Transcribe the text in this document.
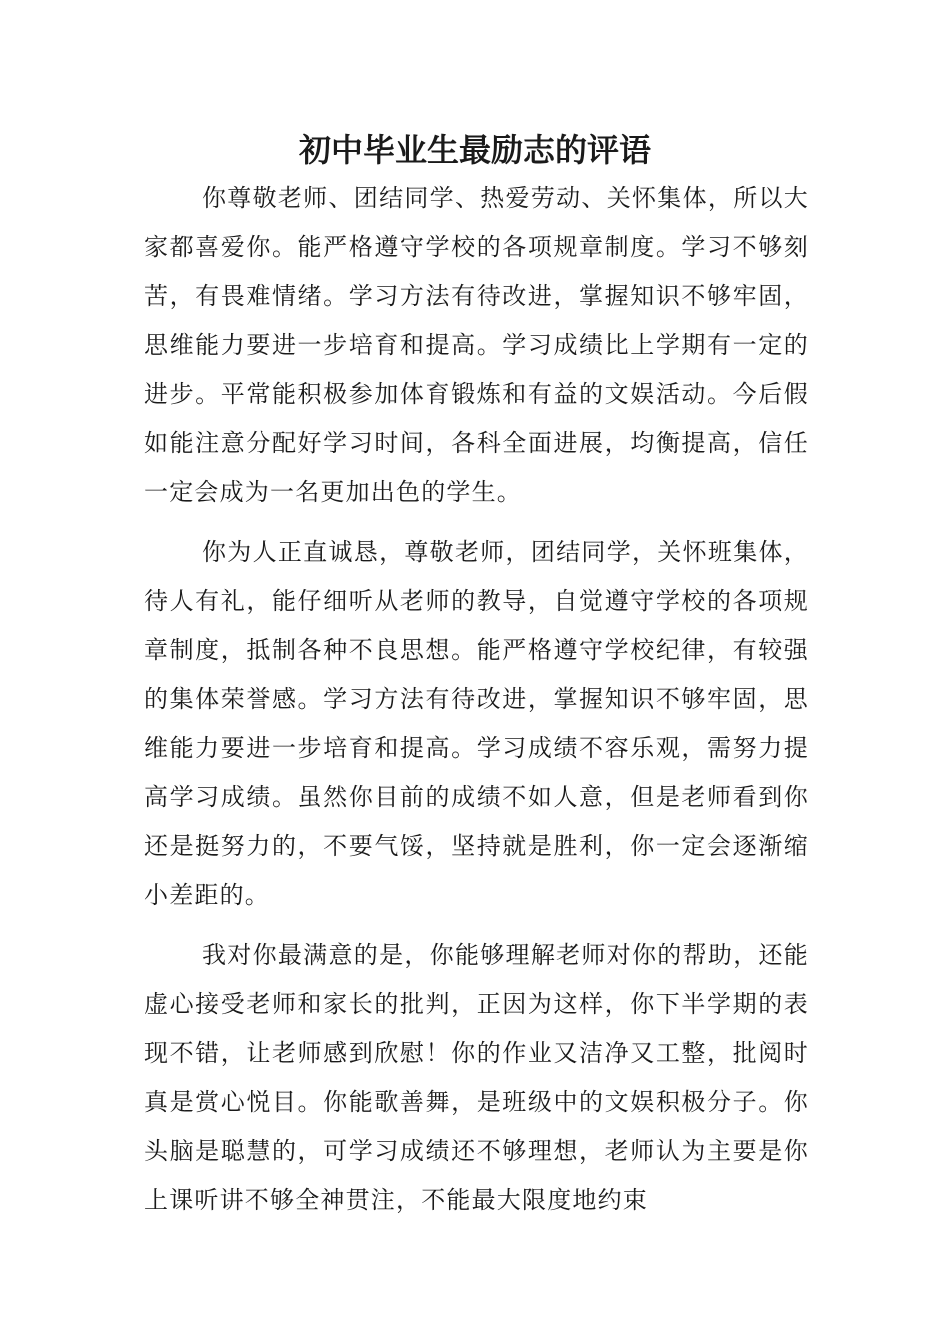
初中毕业生最励志的评语

你尊敬老师、团结同学、热爱劳动、关怀集体，所以大家都喜爱你。能严格遵守学校的各项规章制度。学习不够刻苦，有畏难情绪。学习方法有待改进，掌握知识不够牢固，思维能力要进一步培育和提高。学习成绩比上学期有一定的进步。平常能积极参加体育锻炼和有益的文娱活动。今后假如能注意分配好学习时间，各科全面进展，均衡提高，信任一定会成为一名更加出色的学生。

你为人正直诚恳，尊敬老师，团结同学，关怀班集体，待人有礼，能仔细听从老师的教导，自觉遵守学校的各项规章制度，抵制各种不良思想。能严格遵守学校纪律，有较强的集体荣誉感。学习方法有待改进，掌握知识不够牢固，思维能力要进一步培育和提高。学习成绩不容乐观，需努力提高学习成绩。虽然你目前的成绩不如人意，但是老师看到你还是挺努力的，不要气馁，坚持就是胜利，你一定会逐渐缩小差距的。

我对你最满意的是，你能够理解老师对你的帮助，还能虚心接受老师和家长的批判，正因为这样，你下半学期的表现不错，让老师感到欣慰！你的作业又洁净又工整，批阅时真是赏心悦目。你能歌善舞，是班级中的文娱积极分子。你头脑是聪慧的，可学习成绩还不够理想，老师认为主要是你上课听讲不够全神贯注，不能最大限度地约束
